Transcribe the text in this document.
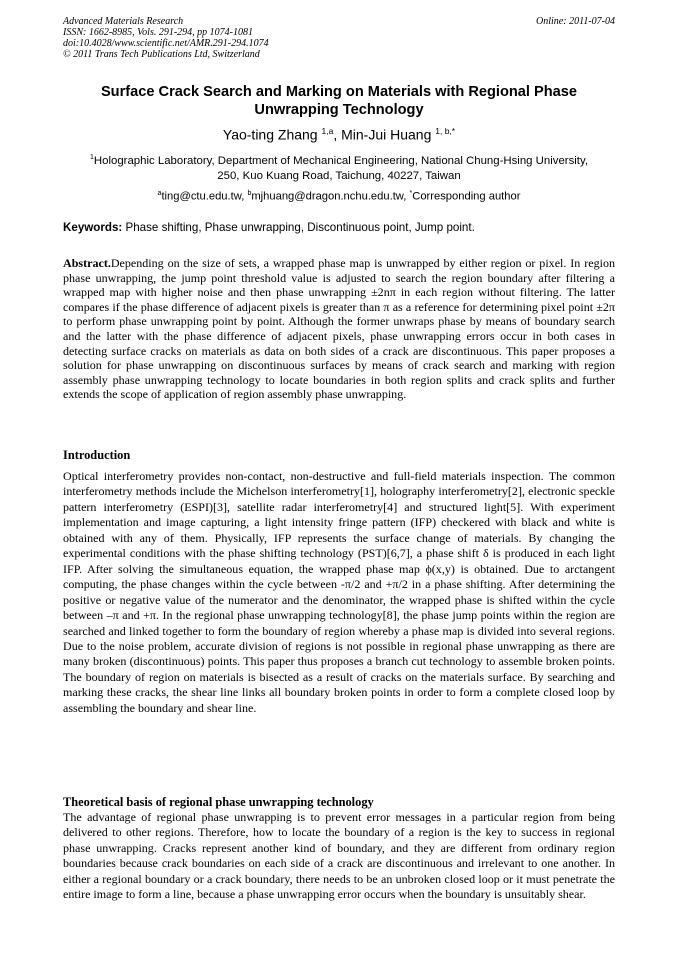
Advanced Materials Research
ISSN: 1662-8985, Vols. 291-294, pp 1074-1081
doi:10.4028/www.scientific.net/AMR.291-294.1074
© 2011 Trans Tech Publications Ltd, Switzerland
Online: 2011-07-04
Surface Crack Search and Marking on Materials with Regional Phase Unwrapping Technology
Yao-ting Zhang $^{1,a}$, Min-Jui Huang $^{1, b,*}$
$^1$Holographic Laboratory, Department of Mechanical Engineering, National Chung-Hsing University,
250, Kuo Kuang Road, Taichung, 40227, Taiwan
$^a$ting@ctu.edu.tw, $^b$mjhuang@dragon.nchu.edu.tw, *Corresponding author
Keywords: Phase shifting, Phase unwrapping, Discontinuous point, Jump point.

Abstract.Depending on the size of sets, a wrapped phase map is unwrapped by either region or pixel. In region phase unwrapping, the jump point threshold value is adjusted to search the region boundary after filtering a wrapped map with higher noise and then phase unwrapping ±2nπ in each region without filtering. The latter compares if the phase difference of adjacent pixels is greater than π as a reference for determining pixel point ±2π to perform phase unwrapping point by point. Although the former unwraps phase by means of boundary search and the latter with the phase difference of adjacent pixels, phase unwrapping errors occur in both cases in detecting surface cracks on materials as data on both sides of a crack are discontinuous. This paper proposes a solution for phase unwrapping on discontinuous surfaces by means of crack search and marking with region assembly phase unwrapping technology to locate boundaries in both region splits and crack splits and further extends the scope of application of region assembly phase unwrapping.

Introduction

Optical interferometry provides non-contact, non-destructive and full-field materials inspection. The common interferometry methods include the Michelson interferometry[1], holography interferometry[2], electronic speckle pattern interferometry (ESPI)[3], satellite radar interferometry[4] and structured light[5]. With experiment implementation and image capturing, a light intensity fringe pattern (IFP) checkered with black and white is obtained with any of them. Physically, IFP represents the surface change of materials. By changing the experimental conditions with the phase shifting technology (PST)[6,7], a phase shift δ is produced in each light IFP. After solving the simultaneous equation, the wrapped phase map ϕ(x,y) is obtained. Due to arctangent computing, the phase changes within the cycle between -π/2 and +π/2 in a phase shifting. After determining the positive or negative value of the numerator and the denominator, the wrapped phase is shifted within the cycle between –π and +π. In the regional phase unwrapping technology[8], the phase jump points within the region are searched and linked together to form the boundary of region whereby a phase map is divided into several regions. Due to the noise problem, accurate division of regions is not possible in regional phase unwrapping as there are many broken (discontinuous) points. This paper thus proposes a branch cut technology to assemble broken points. The boundary of region on materials is bisected as a result of cracks on the materials surface. By searching and marking these cracks, the shear line links all boundary broken points in order to form a complete closed loop by assembling the boundary and shear line.

Theoretical basis of regional phase unwrapping technology

The advantage of regional phase unwrapping is to prevent error messages in a particular region from being delivered to other regions. Therefore, how to locate the boundary of a region is the key to success in regional phase unwrapping. Cracks represent another kind of boundary, and they are different from ordinary region boundaries because crack boundaries on each side of a crack are discontinuous and irrelevant to one another. In either a regional boundary or a crack boundary, there needs to be an unbroken closed loop or it must penetrate the entire image to form a line, because a phase unwrapping error occurs when the boundary is unsuitably shear.
